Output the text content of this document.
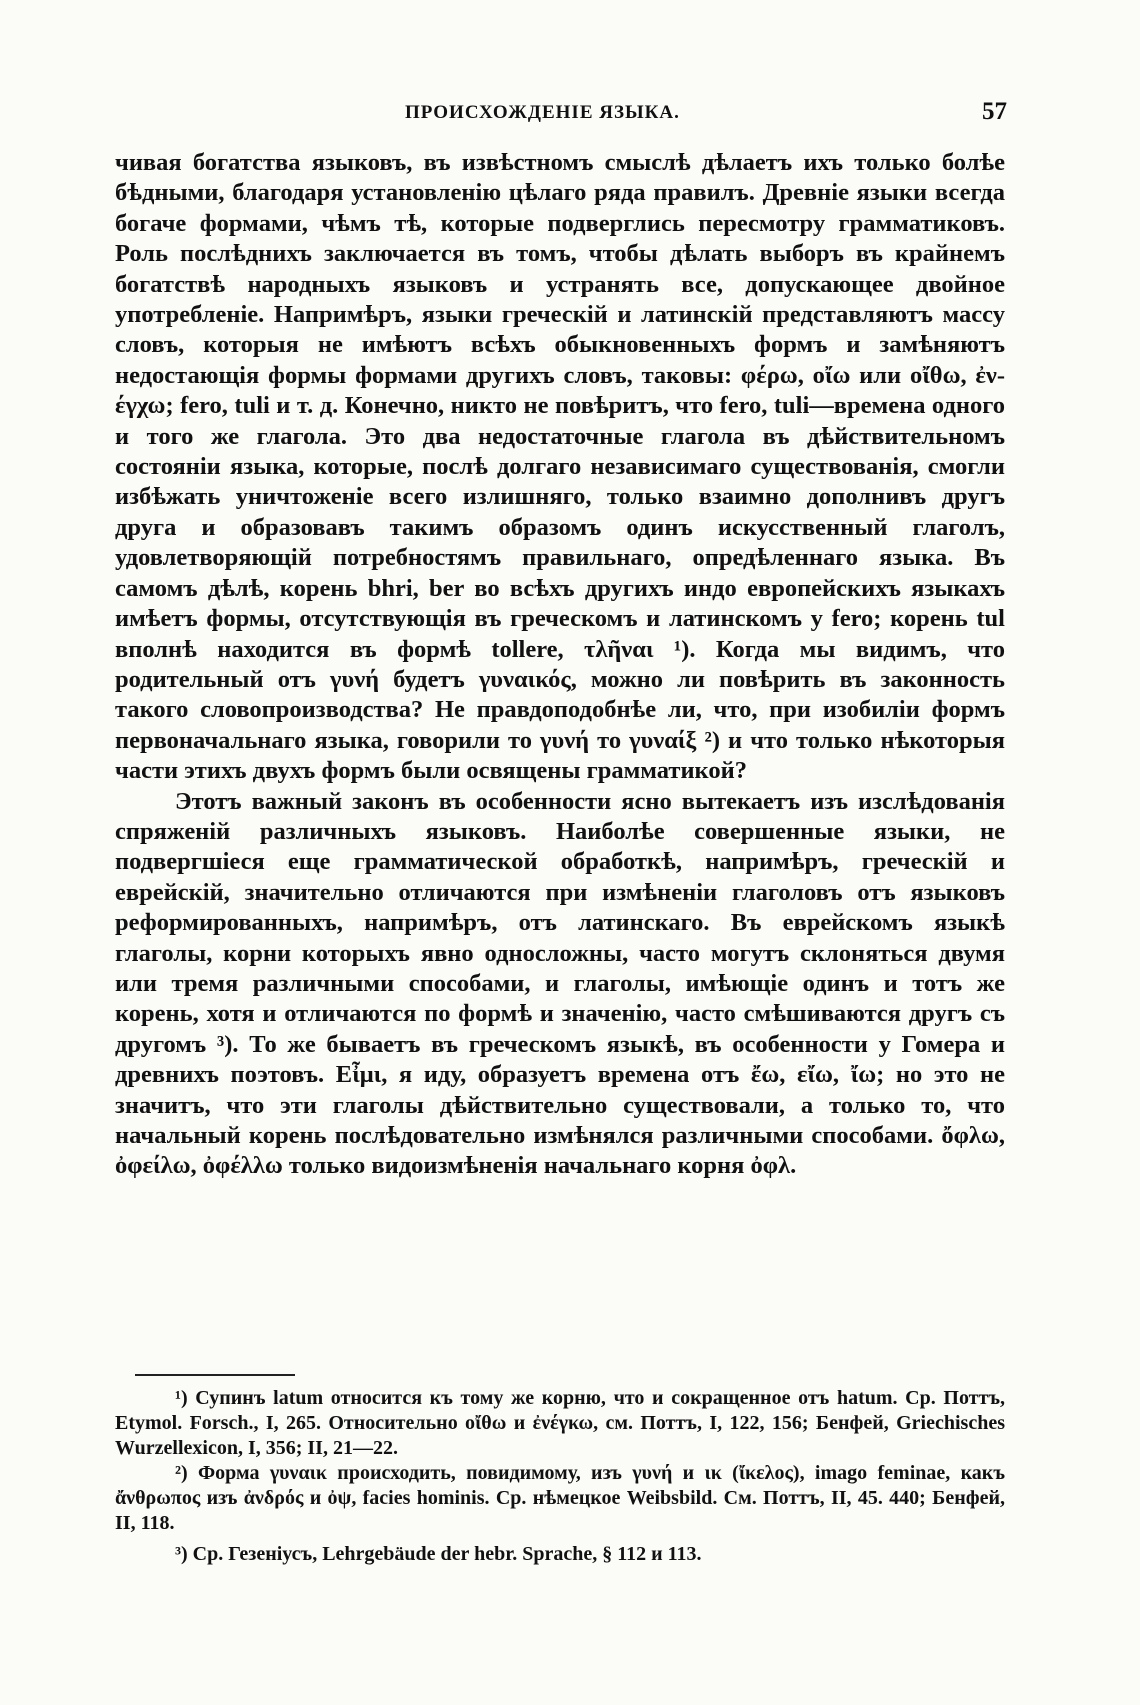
ПРОИСХОЖДЕНIЕ ЯЗЫКА.	57

чивая богатства языковъ, въ извѣстномъ смыслѣ дѣлаетъ ихъ только болѣе бѣдными, благодаря установленiю цѣлаго ряда правилъ. Древнiе языки всегда богаче формами, чѣмъ тѣ, которые подверглись пересмотру грамматиковъ. Роль послѣднихъ заключается въ томъ, чтобы дѣлать выборъ въ крайнемъ богатствѣ народныхъ языковъ и устранять все, допускающее двойное употребленiе. Напримѣръ, языки греческiй и латинскiй представляютъ массу словъ, которыя не имѣютъ всѣхъ обыкновенныхъ формъ и замѣняютъ недостающiя формы формами другихъ словъ, таковы: φέρω, οἴω или οἴθω, ἐν-έγχω; fero, tuli и т. д. Конечно, никто не повѣритъ, что fero, tuli—времена одного и того же глагола. Это два недостаточные глагола въ дѣйствительномъ состоянiи языка, которые, послѣ долгаго независимаго существованiя, смогли избѣжать уничтоженiе всего излишняго, только взаимно дополнивъ другъ друга и образовавъ такимъ образомъ одинъ искусственный глаголъ, удовлетворяющiй потребностямъ правильнаго, опредѣленнаго языка. Въ самомъ дѣлѣ, корень bhri, ber во всѣхъ другихъ индо европейскихъ языкахъ имѣетъ формы, отсутствующiя въ греческомъ и латинскомъ у fero; корень tul вполнѣ находится въ формѣ tollere, τλῆναι ¹). Когда мы видимъ, что родительный отъ γυνή будетъ γυναικός, можно ли повѣрить въ законность такого словопроизводства? Не правдоподобнѣе ли, что, при изобилiи формъ первоначальнаго языка, говорили то γυνή то γυναίξ ²) и что только нѣкоторыя части этихъ двухъ формъ были освящены грамматикой?

Этотъ важный законъ въ особенности ясно вытекаетъ изъ изслѣдованiя спряженiй различныхъ языковъ. Наиболѣе совершенные языки, не подвергшiеся еще грамматической обработкѣ, напримѣръ, греческiй и еврейскiй, значительно отличаются при измѣненiи глаголовъ отъ языковъ реформированныхъ, напримѣръ, отъ латинскаго. Въ еврейскомъ языкѣ глаголы, корни которыхъ явно односложны, часто могутъ склоняться двумя или тремя различными способами, и глаголы, имѣющiе одинъ и тотъ же корень, хотя и отличаются по формѣ и значенiю, часто смѣшиваются другъ съ другомъ ³). То же бываетъ въ греческомъ языкѣ, въ особенности у Гомера и древнихъ поэтовъ. Εἶμι, я иду, образуетъ времена отъ ἔω, εἴω, ἴω; но это не значитъ, что эти глаголы дѣйствительно существовали, а только то, что начальный корень послѣдовательно измѣнялся различными способами. ὄφλω, ὀφείλω, ὀφέλλω только видоизмѣненiя начальнаго корня ὀφλ.

¹) Супинъ latum относится къ тому же корню, что и сокращенное отъ hatum. Ср. Поттъ, Etymol. Forsch., I, 265. Относительно οἴθω и ἐνέγκω, см. Поттъ, I, 122, 156; Бенфей, Griechisches Wurzellexicon, I, 356; II, 21—22.

²) Форма γυναικ происходить, повидимому, изъ γυνή и ικ (ἴκελος), imago feminae, какъ ἄνθρωπος изъ ἀνδρός и ὀψ, facies hominis. Ср. нѣмецкое Weibsbild. См. Поттъ, II, 45. 440; Бенфей, II, 118.

³) Ср. Гезенiусъ, Lehrgebäude der hebr. Sprache, § 112 и 113.
